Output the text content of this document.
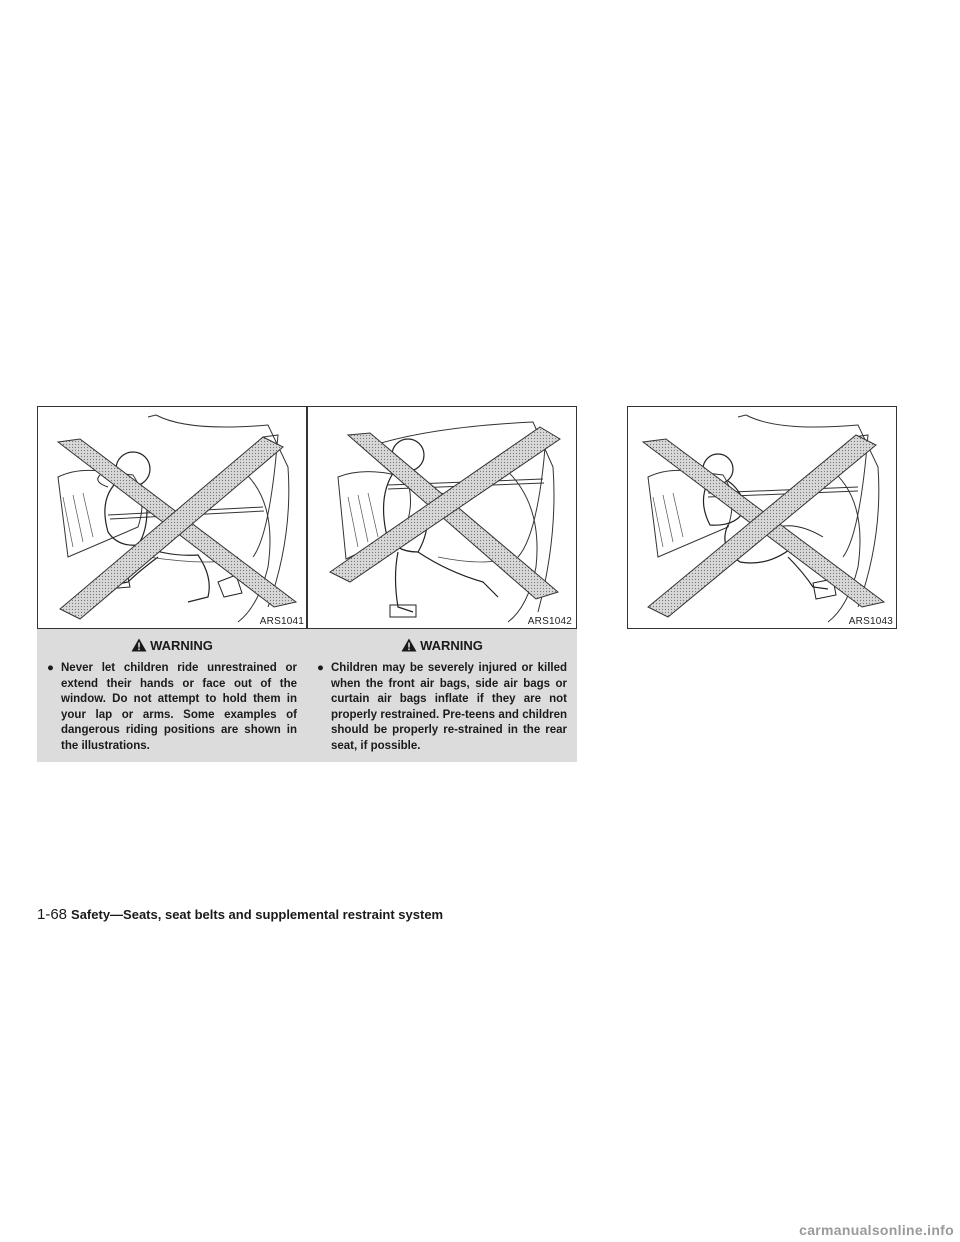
ARS1041	ARS1042	ARS1043
WARNING
● Never let children ride unrestrained or extend their hands or face out of the window. Do not attempt to hold them in your lap or arms. Some examples of dangerous riding positions are shown in the illustrations.
WARNING
● Children may be severely injured or killed when the front air bags, side air bags or curtain air bags inflate if they are not properly restrained. Pre-teens and children should be properly re-strained in the rear seat, if possible.
1-68 Safety—Seats, seat belts and supplemental restraint system
carmanualsonline.info
